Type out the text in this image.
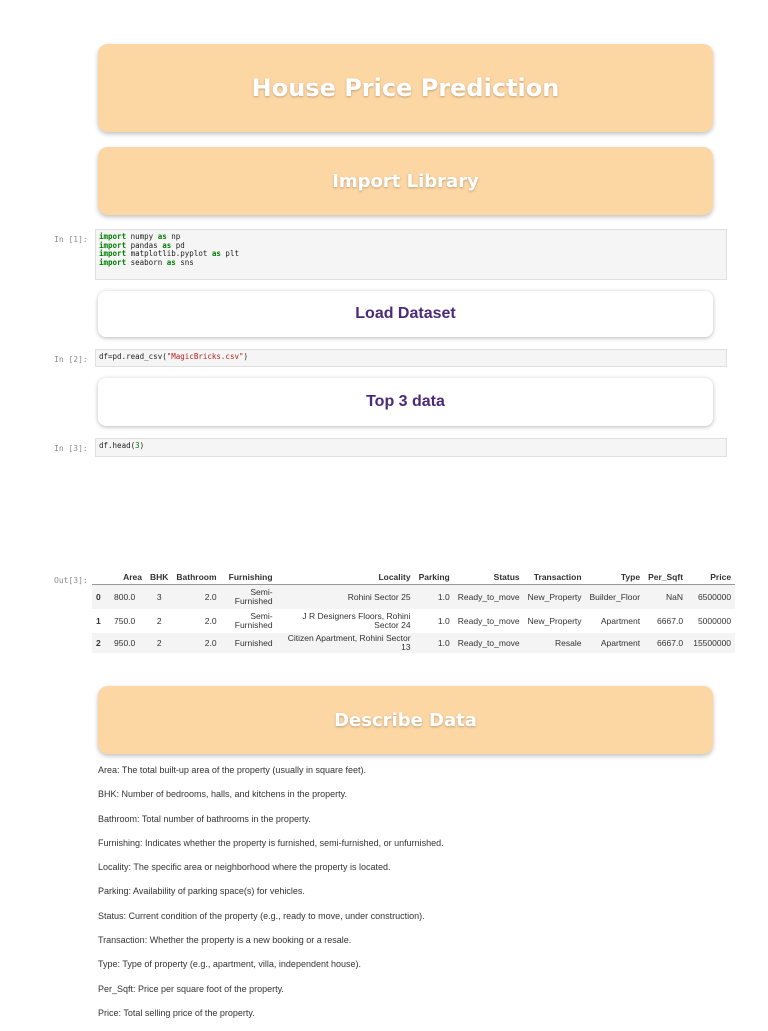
House Price Prediction
Import Library
In [1]:	import numpy as np
import pandas as pd
import matplotlib.pyplot as plt
import seaborn as sns
Load Dataset
In [2]:	df=pd.read_csv("MagicBricks.csv")
Top 3 data
In [3]:	df.head(3)
Out[3]:
		Area	BHK	Bathroom	Furnishing	Locality	Parking	Status	Transaction	Type	Per_Sqft	Price
0	800.0	3	2.0	Semi-Furnished	Rohini Sector 25	1.0	Ready_to_move	New_Property	Builder_Floor	NaN	6500000
1	750.0	2	2.0	Semi-Furnished	J R Designers Floors, Rohini Sector 24	1.0	Ready_to_move	New_Property	Apartment	6667.0	5000000
2	950.0	2	2.0	Furnished	Citizen Apartment, Rohini Sector 13	1.0	Ready_to_move	Resale	Apartment	6667.0	15500000
Describe Data

Area: The total built-up area of the property (usually in square feet).

BHK: Number of bedrooms, halls, and kitchens in the property.

Bathroom: Total number of bathrooms in the property.

Furnishing: Indicates whether the property is furnished, semi-furnished, or unfurnished.

Locality: The specific area or neighborhood where the property is located.

Parking: Availability of parking space(s) for vehicles.

Status: Current condition of the property (e.g., ready to move, under construction).

Transaction: Whether the property is a new booking or a resale.

Type: Type of property (e.g., apartment, villa, independent house).

Per_Sqft: Price per square foot of the property.

Price: Total selling price of the property.
